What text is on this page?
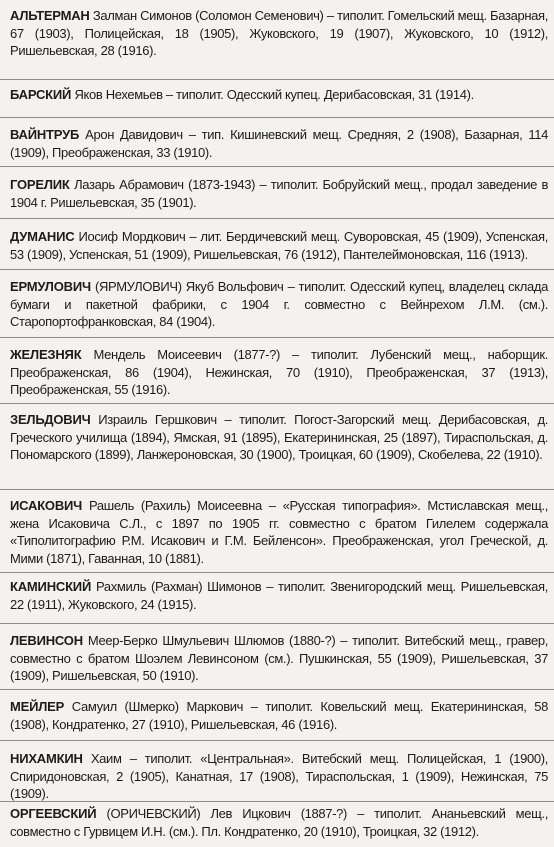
АЛЬТЕРМАН Залман Симонов (Соломон Семенович) – типолит. Гомельский мещ. Базарная, 67 (1903), Полицейская, 18 (1905), Жуковского, 19 (1907), Жуковского, 10 (1912), Ришельевская, 28 (1916).
БАРСКИЙ Яков Нехемьев – типолит. Одесский купец. Дерибасовская, 31 (1914).
ВАЙНТРУБ Арон Давидович – тип. Кишиневский мещ. Средняя, 2 (1908), Базарная, 114 (1909), Преображенская, 33 (1910).
ГОРЕЛИК Лазарь Абрамович (1873-1943) – типолит. Бобруйский мещ., продал заведение в 1904 г. Ришельевская, 35 (1901).
ДУМАНИС Иосиф Мордкович – лит. Бердичевский мещ. Суворовская, 45 (1909), Успенская, 53 (1909), Успенская, 51 (1909), Ришельевская, 76 (1912), Пантелеймоновская, 116 (1913).
ЕРМУЛОВИЧ (ЯРМУЛОВИЧ) Якуб Вольфович – типолит. Одесский купец, владелец склада бумаги и пакетной фабрики, с 1904 г. совместно с Вейнрехом Л.М. (см.). Старопортофранковская, 84 (1904).
ЖЕЛЕЗНЯК Мендель Моисеевич (1877-?) – типолит. Лубенский мещ., наборщик. Преображенская, 86 (1904), Нежинская, 70 (1910), Преображенская, 37 (1913), Преображенская, 55 (1916).
ЗЕЛЬДОВИЧ Израиль Гершкович – типолит. Погост-Загорский мещ. Дерибасовская, д. Греческого училища (1894), Ямская, 91 (1895), Екатерининская, 25 (1897), Тираспольская, д. Пономарского (1899), Ланжероновская, 30 (1900), Троицкая, 60 (1909), Скобелева, 22 (1910).
ИСАКОВИЧ Рашель (Рахиль) Моисеевна – «Русская типография». Мстиславская мещ., жена Исаковича С.Л., с 1897 по 1905 гг. совместно с братом Гилелем содержала «Типолитографию Р.М. Исакович и Г.М. Бейленсон». Преображенская, угол Греческой, д. Мими (1871), Гаванная, 10 (1881).
КАМИНСКИЙ Рахмиль (Рахман) Шимонов – типолит. Звенигородский мещ. Ришельевская, 22 (1911), Жуковского, 24 (1915).
ЛЕВИНСОН Меер-Берко Шмульевич Шлюмов (1880-?) – типолит. Витебский мещ., гравер, совместно с братом Шоэлем Левинсоном (см.). Пушкинская, 55 (1909), Ришельевская, 37 (1909), Ришельевская, 50 (1910).
МЕЙЛЕР Самуил (Шмерко) Маркович – типолит. Ковельский мещ. Екатерининская, 58 (1908), Кондратенко, 27 (1910), Ришельевская, 46 (1916).
НИХАМКИН Хаим – типолит. «Центральная». Витебский мещ. Полицейская, 1 (1900), Спиридоновская, 2 (1905), Канатная, 17 (1908), Тираспольская, 1 (1909), Нежинская, 75 (1909).
ОРГЕЕВСКИЙ (ОРИЧЕВСКИЙ) Лев Ицкович (1887-?) – типолит. Ананьевский мещ., совместно с Гурвицем И.Н. (см.). Пл. Кондратенко, 20 (1910), Троицкая, 32 (1912).
